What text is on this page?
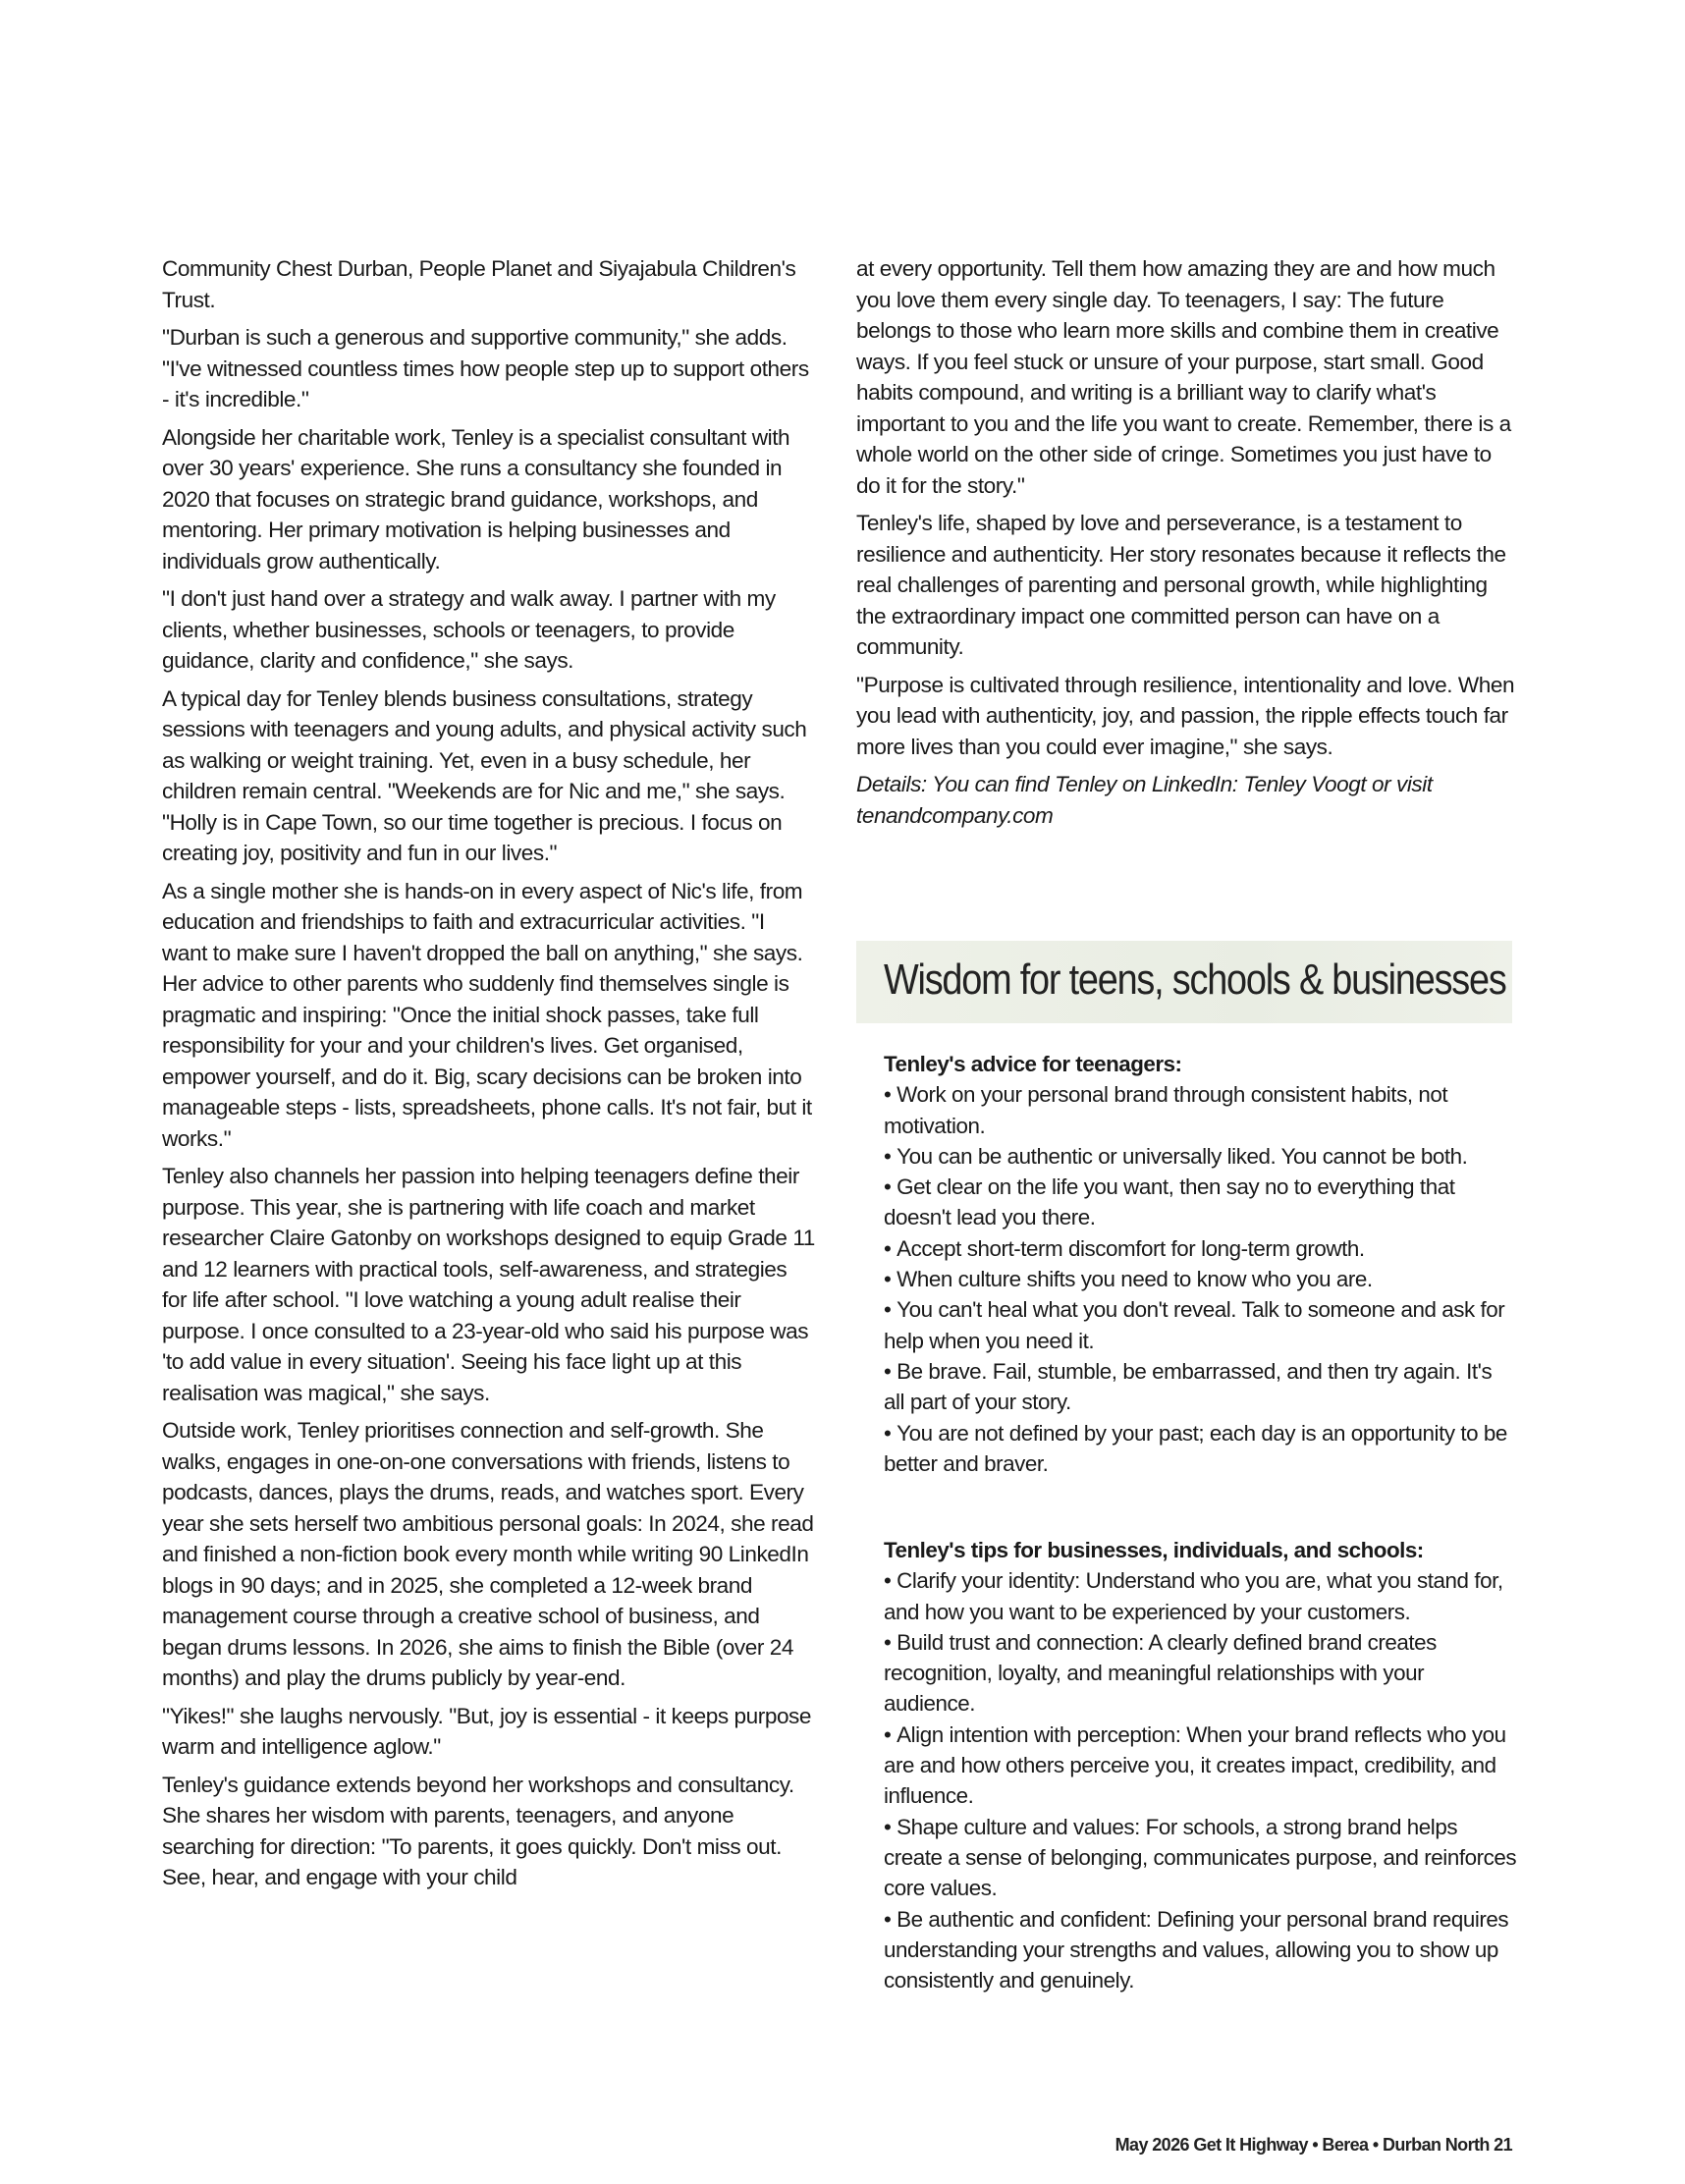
Community Chest Durban, People Planet and Siyajabula Children's Trust.

"Durban is such a generous and supportive community," she adds. "I've witnessed countless times how people step up to support others - it's incredible."

Alongside her charitable work, Tenley is a specialist consultant with over 30 years' experience. She runs a consultancy she founded in 2020 that focuses on strategic brand guidance, workshops, and mentoring. Her primary motivation is helping businesses and individuals grow authentically.

"I don't just hand over a strategy and walk away. I partner with my clients, whether businesses, schools or teenagers, to provide guidance, clarity and confidence," she says.

A typical day for Tenley blends business consultations, strategy sessions with teenagers and young adults, and physical activity such as walking or weight training. Yet, even in a busy schedule, her children remain central. "Weekends are for Nic and me," she says. "Holly is in Cape Town, so our time together is precious. I focus on creating joy, positivity and fun in our lives."

As a single mother she is hands-on in every aspect of Nic's life, from education and friendships to faith and extracurricular activities. "I want to make sure I haven't dropped the ball on anything," she says. Her advice to other parents who suddenly find themselves single is pragmatic and inspiring: "Once the initial shock passes, take full responsibility for your and your children's lives. Get organised, empower yourself, and do it. Big, scary decisions can be broken into manageable steps - lists, spreadsheets, phone calls. It's not fair, but it works."

Tenley also channels her passion into helping teenagers define their purpose. This year, she is partnering with life coach and market researcher Claire Gatonby on workshops designed to equip Grade 11 and 12 learners with practical tools, self-awareness, and strategies for life after school. "I love watching a young adult realise their purpose. I once consulted to a 23-year-old who said his purpose was 'to add value in every situation'. Seeing his face light up at this realisation was magical," she says.

Outside work, Tenley prioritises connection and self-growth. She walks, engages in one-on-one conversations with friends, listens to podcasts, dances, plays the drums, reads, and watches sport. Every year she sets herself two ambitious personal goals: In 2024, she read and finished a non-fiction book every month while writing 90 LinkedIn blogs in 90 days; and in 2025, she completed a 12-week brand management course through a creative school of business, and began drums lessons. In 2026, she aims to finish the Bible (over 24 months) and play the drums publicly by year-end.

"Yikes!" she laughs nervously. "But, joy is essential - it keeps purpose warm and intelligence aglow."

Tenley's guidance extends beyond her workshops and consultancy. She shares her wisdom with parents, teenagers, and anyone searching for direction: "To parents, it goes quickly. Don't miss out. See, hear, and engage with your child

at every opportunity. Tell them how amazing they are and how much you love them every single day. To teenagers, I say: The future belongs to those who learn more skills and combine them in creative ways. If you feel stuck or unsure of your purpose, start small. Good habits compound, and writing is a brilliant way to clarify what's important to you and the life you want to create. Remember, there is a whole world on the other side of cringe. Sometimes you just have to do it for the story."

Tenley's life, shaped by love and perseverance, is a testament to resilience and authenticity. Her story resonates because it reflects the real challenges of parenting and personal growth, while highlighting the extraordinary impact one committed person can have on a community.

"Purpose is cultivated through resilience, intentionality and love. When you lead with authenticity, joy, and passion, the ripple effects touch far more lives than you could ever imagine," she says.

Details: You can find Tenley on LinkedIn: Tenley Voogt or visit tenandcompany.com

Wisdom for teens, schools & businesses

Tenley's advice for teenagers:

• Work on your personal brand through consistent habits, not motivation.
• You can be authentic or universally liked. You cannot be both.
• Get clear on the life you want, then say no to everything that doesn't lead you there.
• Accept short-term discomfort for long-term growth.
• When culture shifts you need to know who you are.
• You can't heal what you don't reveal. Talk to someone and ask for help when you need it.
• Be brave. Fail, stumble, be embarrassed, and then try again. It's all part of your story.
• You are not defined by your past; each day is an opportunity to be better and braver.

Tenley's tips for businesses, individuals, and schools:

• Clarify your identity: Understand who you are, what you stand for, and how you want to be experienced by your customers.
• Build trust and connection: A clearly defined brand creates recognition, loyalty, and meaningful relationships with your audience.
• Align intention with perception: When your brand reflects who you are and how others perceive you, it creates impact, credibility, and influence.
• Shape culture and values: For schools, a strong brand helps create a sense of belonging, communicates purpose, and reinforces core values.
• Be authentic and confident: Defining your personal brand requires understanding your strengths and values, allowing you to show up consistently and genuinely.
May 2026 Get It Highway • Berea • Durban North 21
